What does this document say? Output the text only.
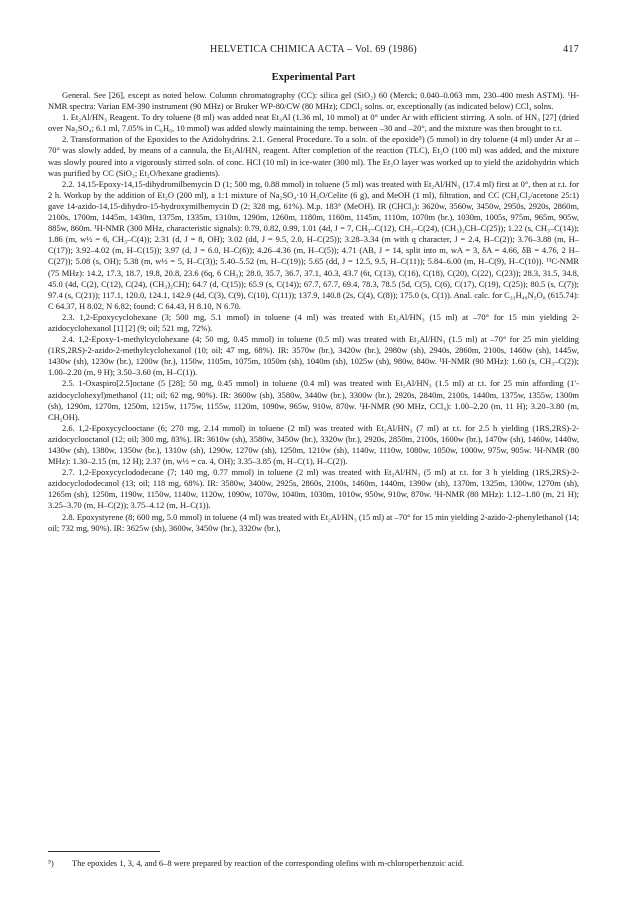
HELVETICA CHIMICA ACTA – Vol. 69 (1986)	417
Experimental Part

General. See [26], except as noted below. Column chromatography (CC): silica gel (SiO₂) 60 (Merck; 0.040–0.063 mm, 230–400 mesh ASTM). ¹H-NMR spectra: Varian EM-390 instrument (90 MHz) or Bruker WP-80/CW (80 MHz); CDCl₃ solns. or, exceptionally (as indicated below) CCl₄ solns.

1. Et₂Al/HN₃ Reagent. To dry toluene (8 ml) was added neat Et₃Al (1.36 ml, 10 mmol) at 0° under Ar with efficient stirring. A soln. of HN₃ [27] (dried over Na₂SO₄; 6.1 ml, 7.05% in C₆H₆, 10 mmol) was added slowly maintaining the temp. between –30 and –20°, and the mixture was then brought to r.t.

2. Transformation of the Epoxides to the Azidohydrins. 2.1. General Procedure. To a soln. of the epoxide⁵) (5 mmol) in dry toluene (4 ml) under Ar at –70° was slowly added, by means of a cannula, the Et₂Al/HN₃ reagent. After completion of the reaction (TLC), Et₂O (100 ml) was added, and the mixture was slowly poured into a vigorously stirred soln. of conc. HCl (10 ml) in ice-water (300 ml). The Et₂O layer was worked up to yield the azidohydrin which was purified by CC (SiO₂; Et₂O/hexane gradients).

2.2. 14,15-Epoxy-14,15-dihydromilbemycin D (1; 500 mg, 0.88 mmol) in toluene (5 ml) was treated with Et₂Al/HN₃ (17.4 ml) first at 0°, then at r.t. for 2 h. Workup by the addition of Et₂O (200 ml), a 1:1 mixture of Na₂SO₄·10 H₂O/Celite (6 g), and MeOH (1 ml), filtration, and CC (CH₂Cl₂/acetone 25:1) gave 14-azido-14,15-dihydro-15-hydroxymilbemycin D (2; 328 mg, 61%). M.p. 183° (MeOH). IR (CHCl₃): 3620w, 3560w, 3450w, 2950s, 2920s, 2860m, 2100s, 1700m, 1445m, 1430m, 1375m, 1335m, 1310m, 1290m, 1260m, 1180m, 1160m, 1145m, 1110m, 1070m (br.), 1030m, 1005s, 975m, 965m, 905w, 885w, 860m. ¹H-NMR (300 MHz, characteristic signals): 0.79, 0.82, 0.99, 1.01 (4d, J = 7, CH₃–C(12), CH₃–C(24), (CH₃)₂CH–C(25)); 1.22 (s, CH₃–C(14)); 1.86 (m, w½ = 6, CH₃–C(4)); 2.31 (d, J = 8, OH); 3.02 (dd, J = 9.5, 2.0, H–C(25)); 3.28–3.34 (m with q character, J = 2.4, H–C(2)); 3.76–3.88 (m, H–C(17)); 3.92–4.02 (m, H–C(15)); 3.97 (d, J = 6.0, H–C(6)); 4.26–4.36 (m, H–C(5)); 4.71 (AB, J = 14, split into m, wA = 3, δA = 4.66, δB = 4.76, 2 H–C(27)); 5.08 (s, OH); 5.38 (m, w½ = 5, H–C(3)); 5.40–5.52 (m, H–C(19)); 5.65 (dd, J = 12.5, 9.5, H–C(11)); 5.84–6.00 (m, H–C(9), H–C(10)). ¹³C-NMR (75 MHz): 14.2, 17.3, 18.7, 19.8, 20.8, 23.6 (6q, 6 CH₃); 28.0, 35.7, 36.7, 37.1, 40.3, 43.7 (6t, C(13), C(16), C(18), C(20), C(22), C(23)); 28.3, 31.5, 34.8, 45.0 (4d, C(2), C(12), C(24), (CH₃)₂CH); 64.7 (d, C(15)); 65.9 (s, C(14)); 67.7, 67.7, 69.4, 78.3, 78.5 (5d, C(5), C(6), C(17), C(19), C(25)); 80.5 (s, C(7)); 97.4 (s, C(21)); 117.1, 120.0, 124.1, 142.9 (4d, C(3), C(9), C(10), C(11)); 137.9, 140.8 (2s, C(4), C(8)); 175.0 (s, C(1)). Anal. calc. for C₃₃H₄₉N₃O₈ (615.74): C 64.37, H 8.02, N 6.82; found: C 64.43, H 8.10, N 6.70.

2.3. 1,2-Epoxycyclohexane (3; 500 mg, 5.1 mmol) in toluene (4 ml) was treated with Et₂Al/HN₃ (15 ml) at –70° for 15 min yielding 2-azidocyclohexanol [1] [2] (9; oil; 521 mg, 72%).

2.4. 1,2-Epoxy-1-methylcyclohexane (4; 50 mg, 0.45 mmol) in toluene (0.5 ml) was treated with Et₂Al/HN₃ (1.5 ml) at –70° for 25 min yielding (1RS,2RS)-2-azido-2-methylcyclohexanol (10; oil; 47 mg, 68%). IR: 3570w (br.), 3420w (br.), 2980w (sh), 2940s, 2860m, 2100s, 1460w (sh), 1445w, 1430w (sh), 1230w (br.), 1200w (br.), 1150w, 1105m, 1075m, 1050m (sh), 1040m (sh), 1025w (sh), 980w, 840w. ¹H-NMR (90 MHz): 1.60 (s, CH₃–C(2)); 1.00–2.20 (m, 9 H); 3.50–3.60 (m, H–C(1)).

2.5. 1-Oxaspiro[2.5]octane (5 [28]; 50 mg, 0.45 mmol) in toluene (0.4 ml) was treated with Et₂Al/HN₃ (1.5 ml) at r.t. for 25 min affording (1′-azidocyclohexyl)methanol (11; oil; 62 mg, 90%). IR: 3600w (sh), 3580w, 3440w (br.), 3300w (br.), 2920s, 2840m, 2100s, 1440m, 1375w, 1355w, 1300m (sh), 1290m, 1270m, 1250m, 1215w, 1175w, 1155w, 1120m, 1090w, 965w, 910w, 870w. ¹H-NMR (90 MHz, CCl₄): 1.00–2.20 (m, 11 H); 3.20–3.80 (m, CH₂OH).

2.6. 1,2-Epoxycyclooctane (6; 270 mg, 2.14 mmol) in toluene (2 ml) was treated with Et₂Al/HN₃ (7 ml) at r.t. for 2.5 h yielding (1RS,2RS)-2-azidocyclooctanol (12; oil; 300 mg, 83%). IR: 3610w (sh), 3580w, 3450w (br.), 3320w (br.), 2920s, 2850m, 2100s, 1600w (br.), 1470w (sh), 1460w, 1440w, 1430w (sh), 1380w, 1350w (br.), 1310w (sh), 1290w, 1270w (sh), 1250m, 1210w (sh), 1140w, 1110w, 1080w, 1050w, 1000w, 975w, 905w. ¹H-NMR (80 MHz): 1.30–2.15 (m, 12 H); 2.37 (m, w½ = ca. 4, OH); 3.35–3.85 (m, H–C(1), H–C(2)).

2.7. 1,2-Epoxycyclododecane (7; 140 mg, 0.77 mmol) in toluene (2 ml) was treated with Et₂Al/HN₃ (5 ml) at r.t. for 3 h yielding (1RS,2RS)-2-azidocyclododecanol (13; oil; 118 mg, 68%). IR: 3580w, 3400w, 2925s, 2860s, 2100s, 1460m, 1440m, 1390w (sh), 1370m, 1325m, 1300w, 1270m (sh), 1265m (sh), 1250m, 1190w, 1150w, 1140w, 1120w, 1090w, 1070w, 1040m, 1030m, 1010w, 950w, 910w, 870w. ¹H-NMR (80 MHz): 1.12–1.80 (m, 21 H); 3.25–3.70 (m, H–C(2)); 3.75–4.12 (m, H–C(1)).

2.8. Epoxystyrene (8; 600 mg, 5.0 mmol) in toluene (4 ml) was treated with Et₂Al/HN₃ (15 ml) at –70° for 15 min yielding 2-azido-2-phenylethanol (14; oil; 732 mg, 90%). IR: 3625w (sh), 3600w, 3450w (br.), 3320w (br.),

⁵)	The epoxides 1, 3, 4, and 6–8 were prepared by reaction of the corresponding olefins with m-chloroperbenzoic acid.
